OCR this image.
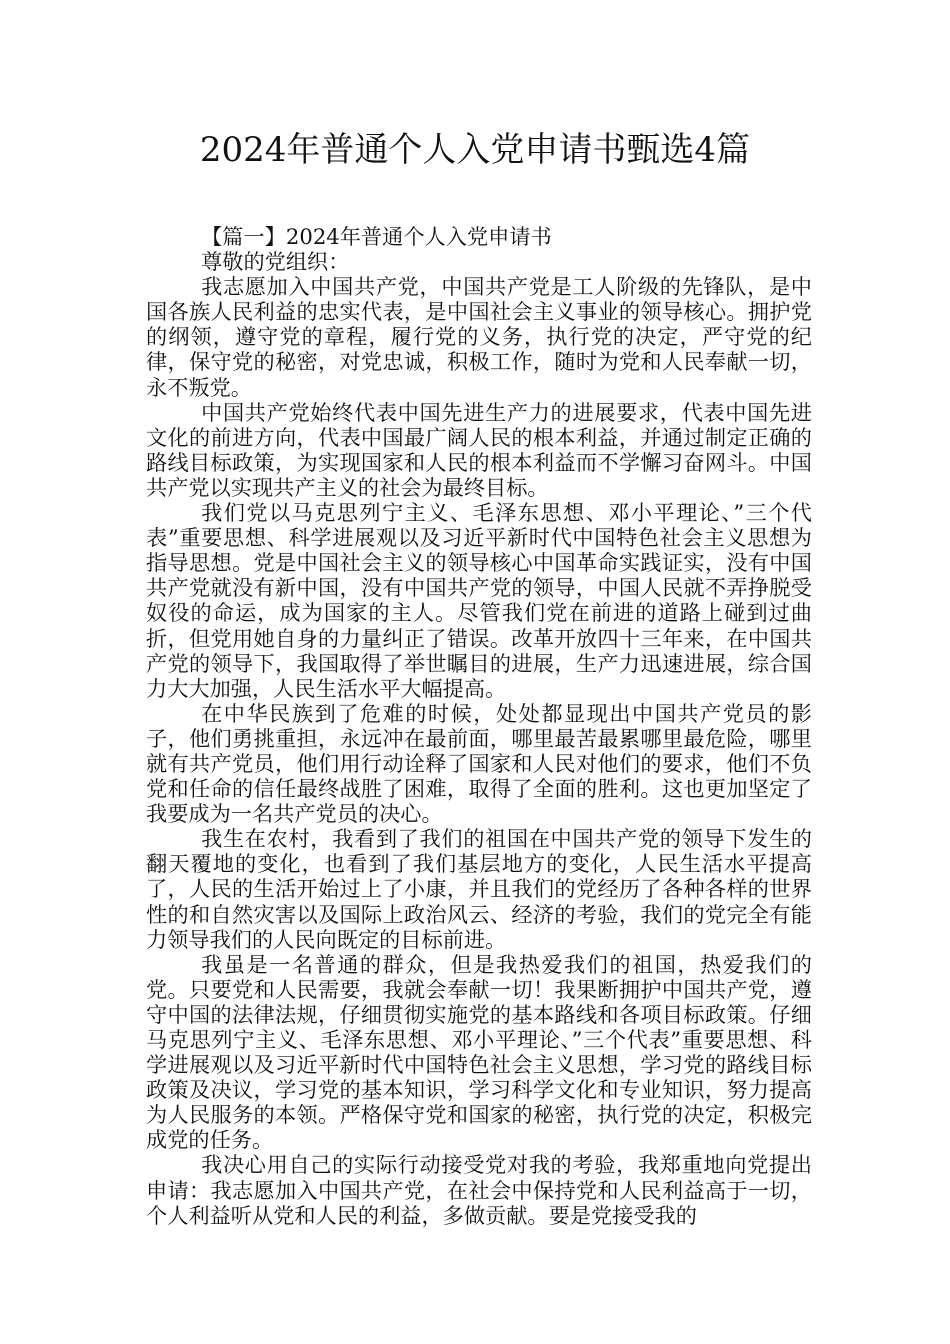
2024年普通个人入党申请书甄选4篇

【篇一】2024年普通个人入党申请书

尊敬的党组织：

我志愿加入中国共产党，中国共产党是工人阶级的先锋队，是中国各族人民利益的忠实代表，是中国社会主义事业的领导核心。拥护党的纲领，遵守党的章程，履行党的义务，执行党的决定，严守党的纪律，保守党的秘密，对党忠诚，积极工作，随时为党和人民奉献一切，永不叛党。

中国共产党始终代表中国先进生产力的进展要求，代表中国先进文化的前进方向，代表中国最广阔人民的根本利益，并通过制定正确的路线目标政策，为实现国家和人民的根本利益而不学懈习奋网斗。中国共产党以实现共产主义的社会为最终目标。

我们党以马克思列宁主义、毛泽东思想、邓小平理论、”三个代表”重要思想、科学进展观以及习近平新时代中国特色社会主义思想为指导思想。党是中国社会主义的领导核心中国革命实践证实，没有中国共产党就没有新中国，没有中国共产党的领导，中国人民就不弄挣脱受奴役的命运，成为国家的主人。尽管我们党在前进的道路上碰到过曲折，但党用她自身的力量纠正了错误。改革开放四十三年来，在中国共产党的领导下，我国取得了举世瞩目的进展，生产力迅速进展，综合国力大大加强，人民生活水平大幅提高。

在中华民族到了危难的时候，处处都显现出中国共产党员的影子，他们勇挑重担，永远冲在最前面，哪里最苦最累哪里最危险，哪里就有共产党员，他们用行动诠释了国家和人民对他们的要求，他们不负党和任命的信任最终战胜了困难，取得了全面的胜利。这也更加坚定了我要成为一名共产党员的决心。

我生在农村，我看到了我们的祖国在中国共产党的领导下发生的翻天覆地的变化，也看到了我们基层地方的变化，人民生活水平提高了，人民的生活开始过上了小康，并且我们的党经历了各种各样的世界性的和自然灾害以及国际上政治风云、经济的考验，我们的党完全有能力领导我们的人民向既定的目标前进。

我虽是一名普通的群众，但是我热爱我们的祖国，热爱我们的党。只要党和人民需要，我就会奉献一切！我果断拥护中国共产党，遵守中国的法律法规，仔细贯彻实施党的基本路线和各项目标政策。仔细马克思列宁主义、毛泽东思想、邓小平理论、”三个代表”重要思想、科学进展观以及习近平新时代中国特色社会主义思想，学习党的路线目标政策及决议，学习党的基本知识，学习科学文化和专业知识，努力提高为人民服务的本领。严格保守党和国家的秘密，执行党的决定，积极完成党的任务。

我决心用自己的实际行动接受党对我的考验，我郑重地向党提出申请：我志愿加入中国共产党，在社会中保持党和人民利益高于一切，个人利益听从党和人民的利益，多做贡献。要是党接受我的
